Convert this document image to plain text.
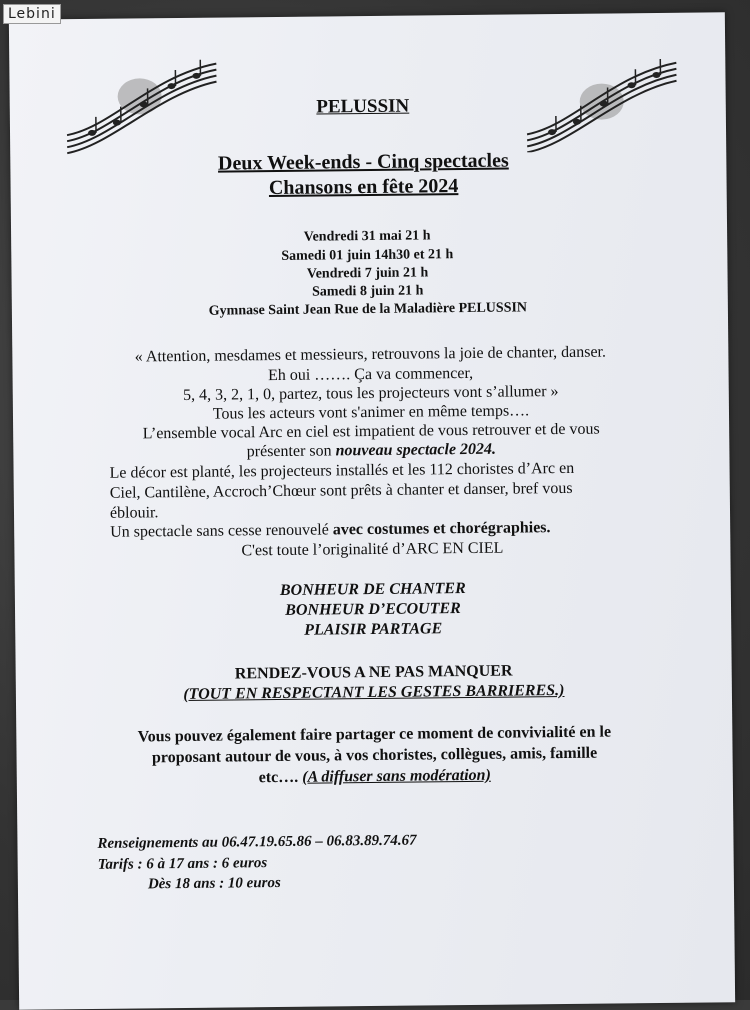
Lebini
PELUSSIN
Deux Week-ends - Cinq spectacles
Chansons en fête 2024
Vendredi 31 mai 21 h
Samedi 01 juin 14h30 et 21 h
Vendredi 7 juin 21 h
Samedi 8 juin 21 h
Gymnase Saint Jean Rue de la Maladière PELUSSIN
« Attention, mesdames et messieurs, retrouvons la joie de chanter, danser.
Eh oui ……. Ça va commencer,
5, 4, 3, 2, 1, 0, partez, tous les projecteurs vont s’allumer »
Tous les acteurs vont s'animer en même temps….
L’ensemble vocal Arc en ciel est impatient de vous retrouver et de vous
présenter son nouveau spectacle 2024.
Le décor est planté, les projecteurs installés et les 112 choristes d’Arc en
Ciel, Cantilène, Accroch’Chœur sont prêts à chanter et danser, bref vous
éblouir.
Un spectacle sans cesse renouvelé avec costumes et chorégraphies.
C'est toute l’originalité d’ARC EN CIEL
BONHEUR DE CHANTER
BONHEUR D’ECOUTER
PLAISIR PARTAGE
RENDEZ-VOUS A NE PAS MANQUER
(TOUT EN RESPECTANT LES GESTES BARRIERES.)
Vous pouvez également faire partager ce moment de convivialité en le
proposant autour de vous, à vos choristes, collègues, amis, famille
etc…. (A diffuser sans modération)
Renseignements au 06.47.19.65.86 – 06.83.89.74.67
Tarifs : 6 à 17 ans : 6 euros
Dès 18 ans : 10 euros
